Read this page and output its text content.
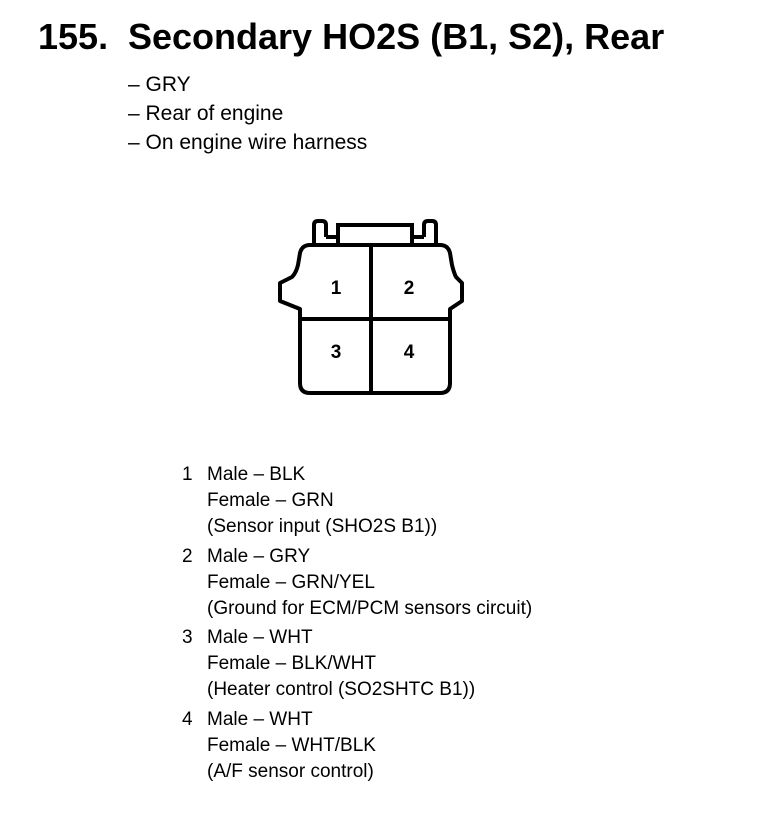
155. Secondary HO2S (B1, S2), Rear
– GRY
– Rear of engine
– On engine wire harness
1	2
3	4
1 Male – BLK
Female – GRN
(Sensor input (SHO2S B1))
2 Male – GRY
Female – GRN/YEL
(Ground for ECM/PCM sensors circuit)
3 Male – WHT
Female – BLK/WHT
(Heater control (SO2SHTC B1))
4 Male – WHT
Female – WHT/BLK
(A/F sensor control)
